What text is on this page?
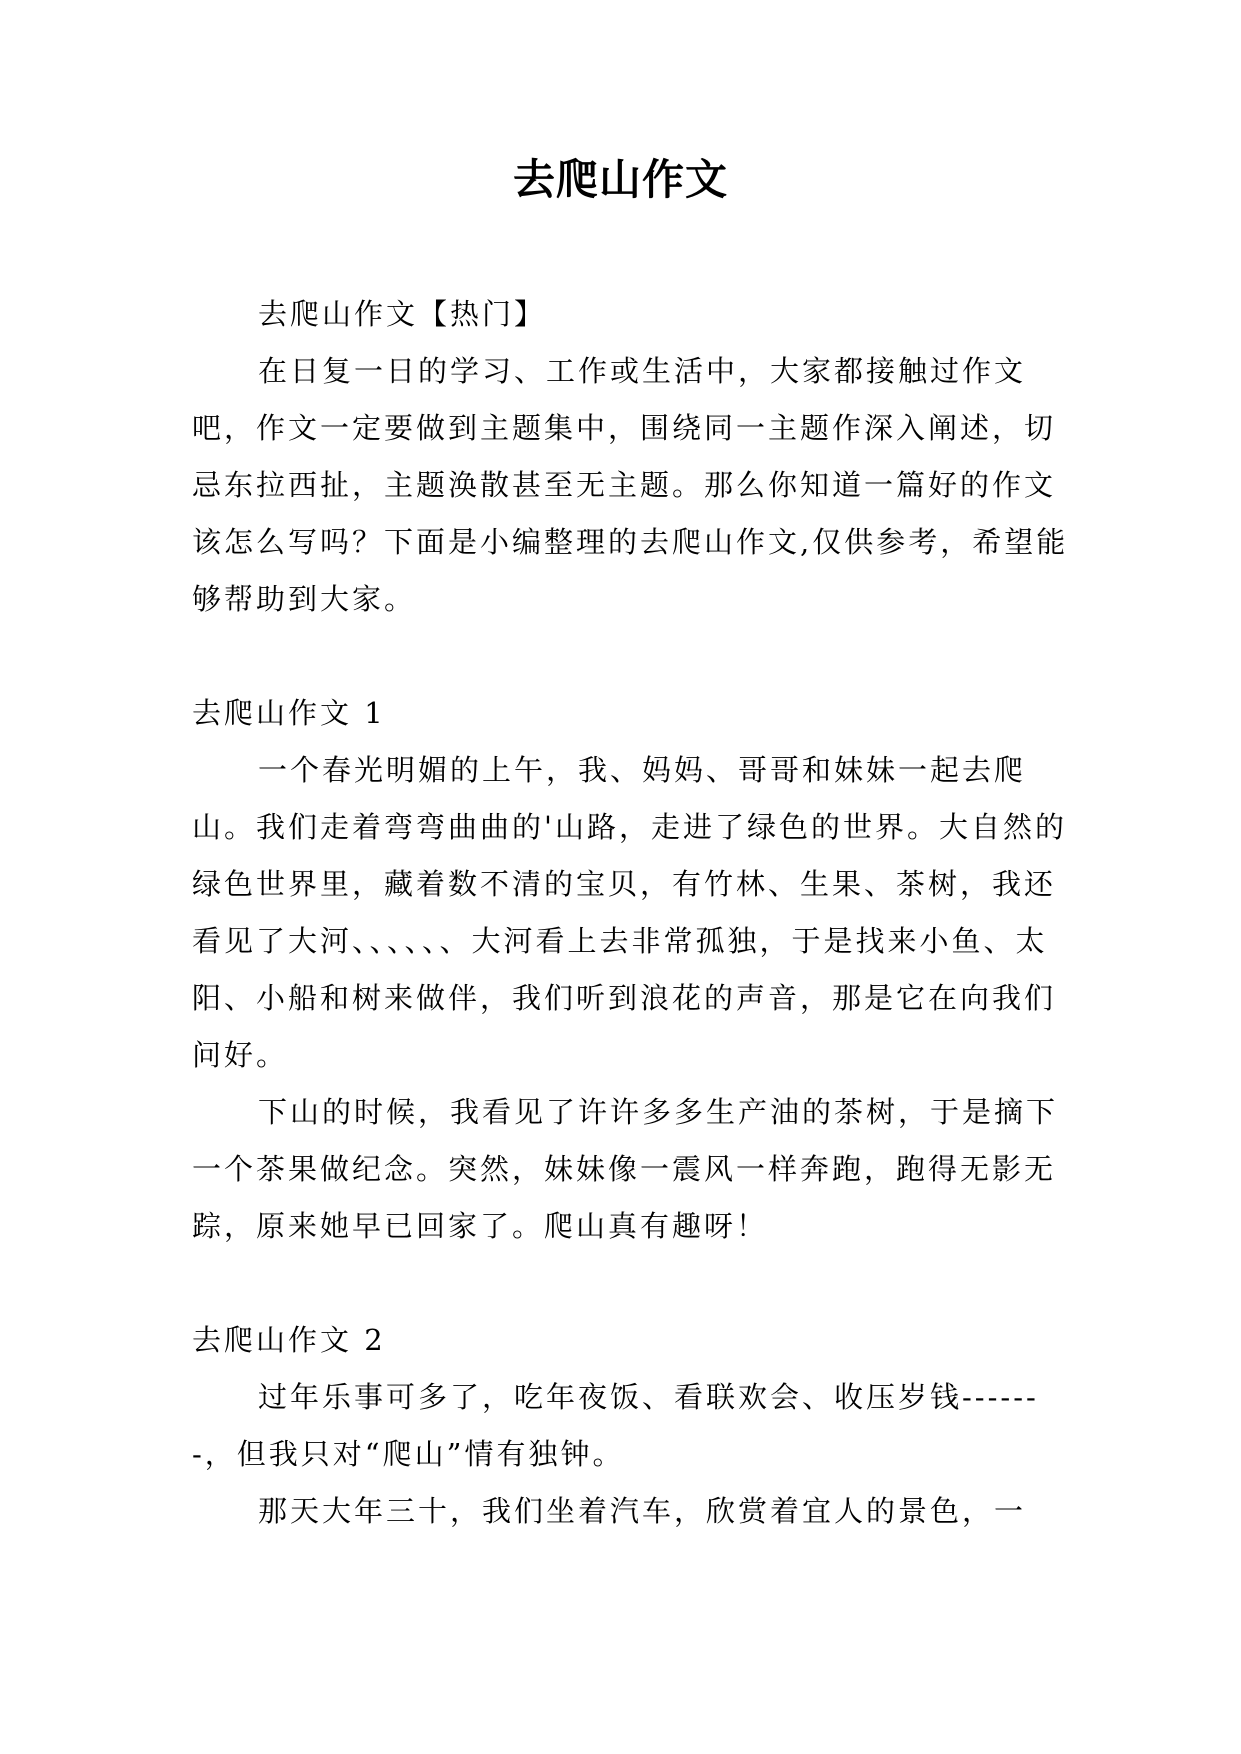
去爬山作文

去爬山作文【热门】

在日复一日的学习、工作或生活中，大家都接触过作文吧，作文一定要做到主题集中，围绕同一主题作深入阐述，切忌东拉西扯，主题涣散甚至无主题。那么你知道一篇好的作文该怎么写吗？下面是小编整理的去爬山作文,仅供参考，希望能够帮助到大家。

去爬山作文 1

一个春光明媚的上午，我、妈妈、哥哥和妹妹一起去爬山。我们走着弯弯曲曲的'山路，走进了绿色的世界。大自然的绿色世界里，藏着数不清的宝贝，有竹林、生果、茶树，我还看见了大河、、、、、、大河看上去非常孤独，于是找来小鱼、太阳、小船和树来做伴，我们听到浪花的声音，那是它在向我们问好。

下山的时候，我看见了许许多多生产油的茶树，于是摘下一个茶果做纪念。突然，妹妹像一震风一样奔跑，跑得无影无踪，原来她早已回家了。爬山真有趣呀！

去爬山作文 2

过年乐事可多了，吃年夜饭、看联欢会、收压岁钱-------，但我只对“爬山”情有独钟。

那天大年三十，我们坐着汽车，欣赏着宜人的景色，一
